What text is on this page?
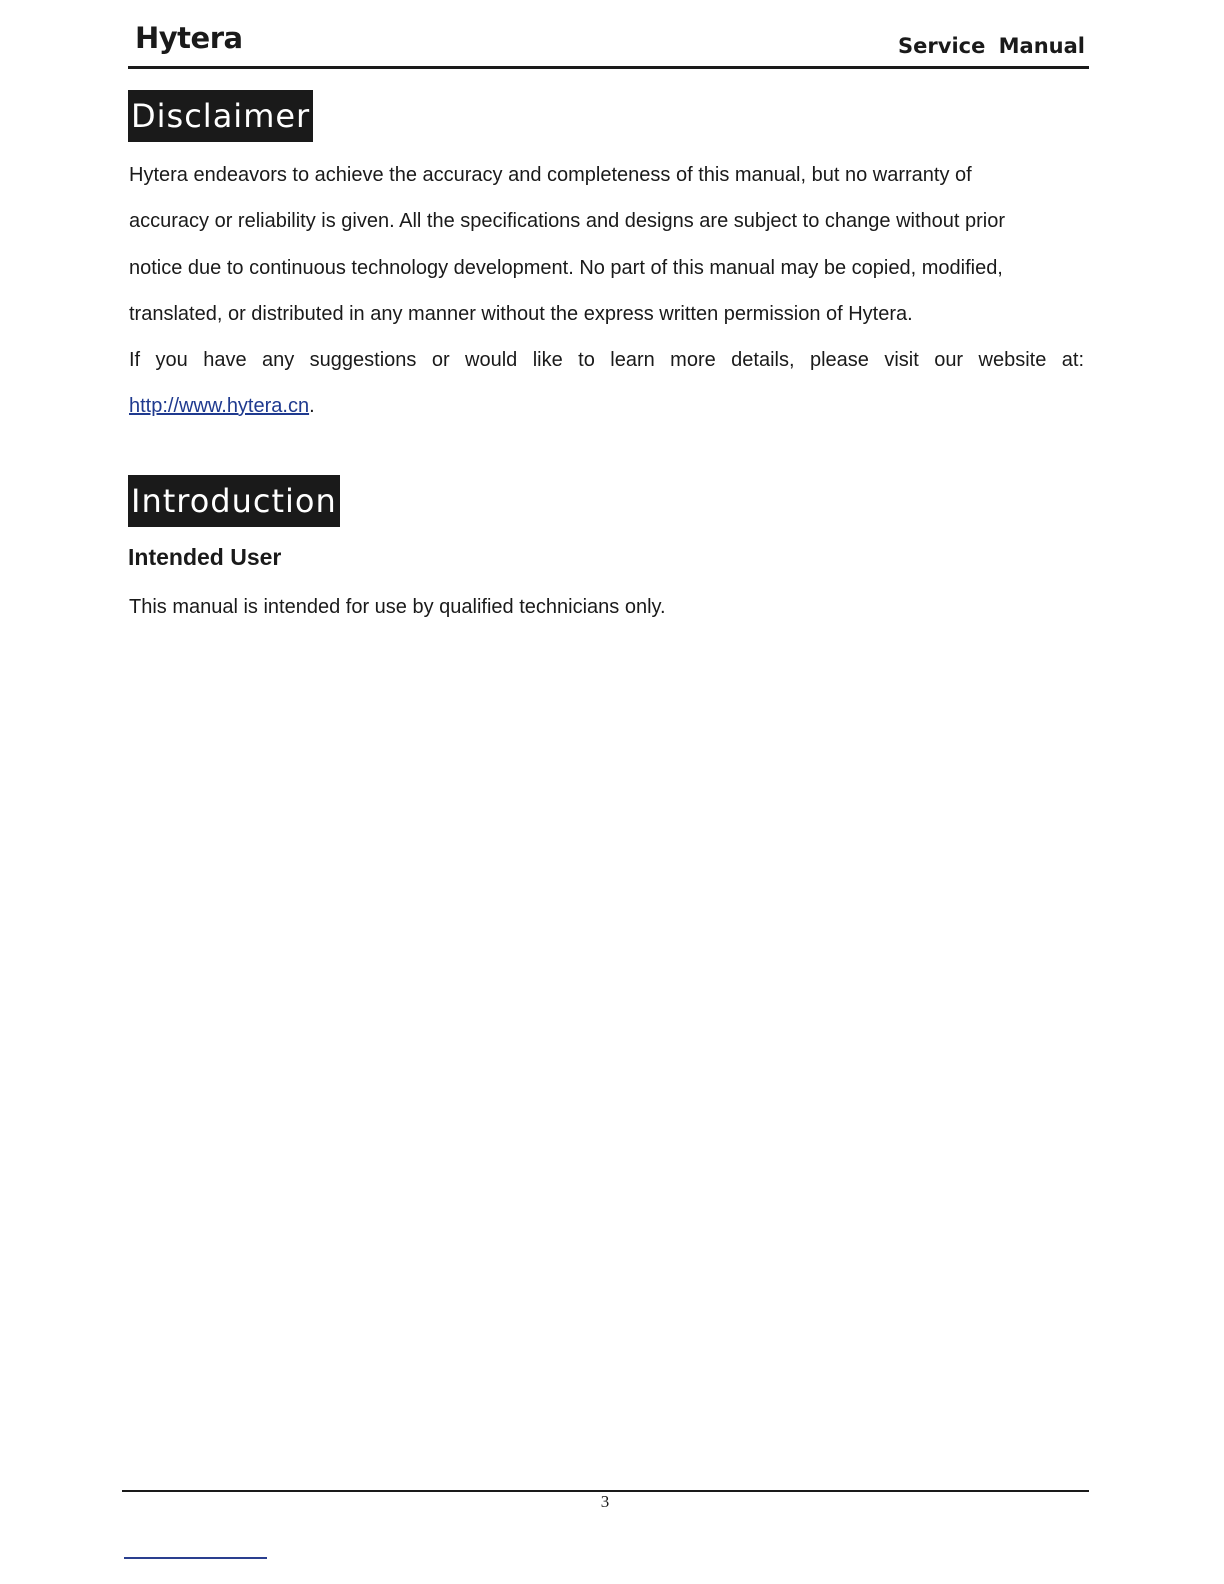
Hytera	Service Manual
Disclaimer
Hytera endeavors to achieve the accuracy and completeness of this manual, but no warranty of
accuracy or reliability is given. All the specifications and designs are subject to change without prior
notice due to continuous technology development. No part of this manual may be copied, modified,
translated, or distributed in any manner without the express written permission of Hytera.
If you have any suggestions or would like to learn more details, please visit our website at:
http://www.hytera.cn.
Introduction
Intended User
This manual is intended for use by qualified technicians only.
3
